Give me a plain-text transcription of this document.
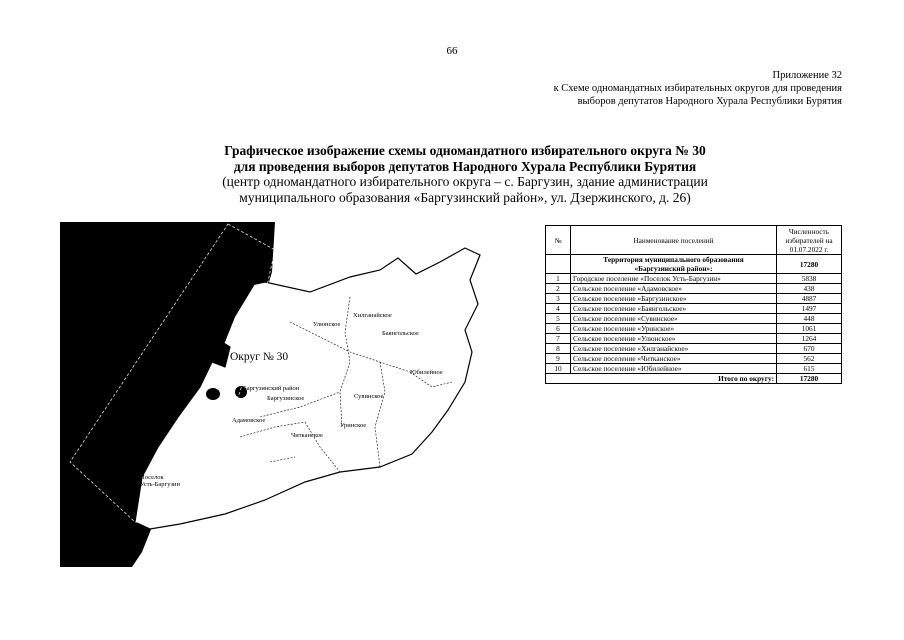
66
Приложение 32
к Схеме одномандатных избирательных округов для проведения
выборов депутатов Народного Хурала Республики Бурятия
Графическое изображение схемы одномандатного избирательного округа № 30
для проведения выборов депутатов Народного Хурала Республики Бурятия
(центр одномандатного избирательного округа – с. Баргузин, здание администрации
муниципального образования «Баргузинский район», ул. Дзержинского, д. 26)
Хилганайское
Улюнское
Баянгольское
Округ № 30
Юбилейное
Баргузинский район
Баргузинское	Сувинское
Адамовское
Уринское
Читканское
Поселок
Усть-Баргузин
№	Наименование поселений	Численность
избирателей на
01.07.2022 г.

	Территория муниципального образования
«Баргузинский район»:	17280
1	Городское поселение «Поселок Усть-Баргузин»	5838
2	Сельское поселение «Адамовское»	438
3	Сельское поселение «Баргузинское»	4887
4	Сельское поселение «Баянгольское»	1497
5	Сельское поселение «Сувинское»	448
6	Сельское поселение «Уринское»	1061
7	Сельское поселение «Улюнское»	1264
8	Сельское поселение «Хилганайское»	670
9	Сельское поселение «Читканское»	562
10	Сельское поселение «Юбилейное»	615
	Итого по округу:	17280
